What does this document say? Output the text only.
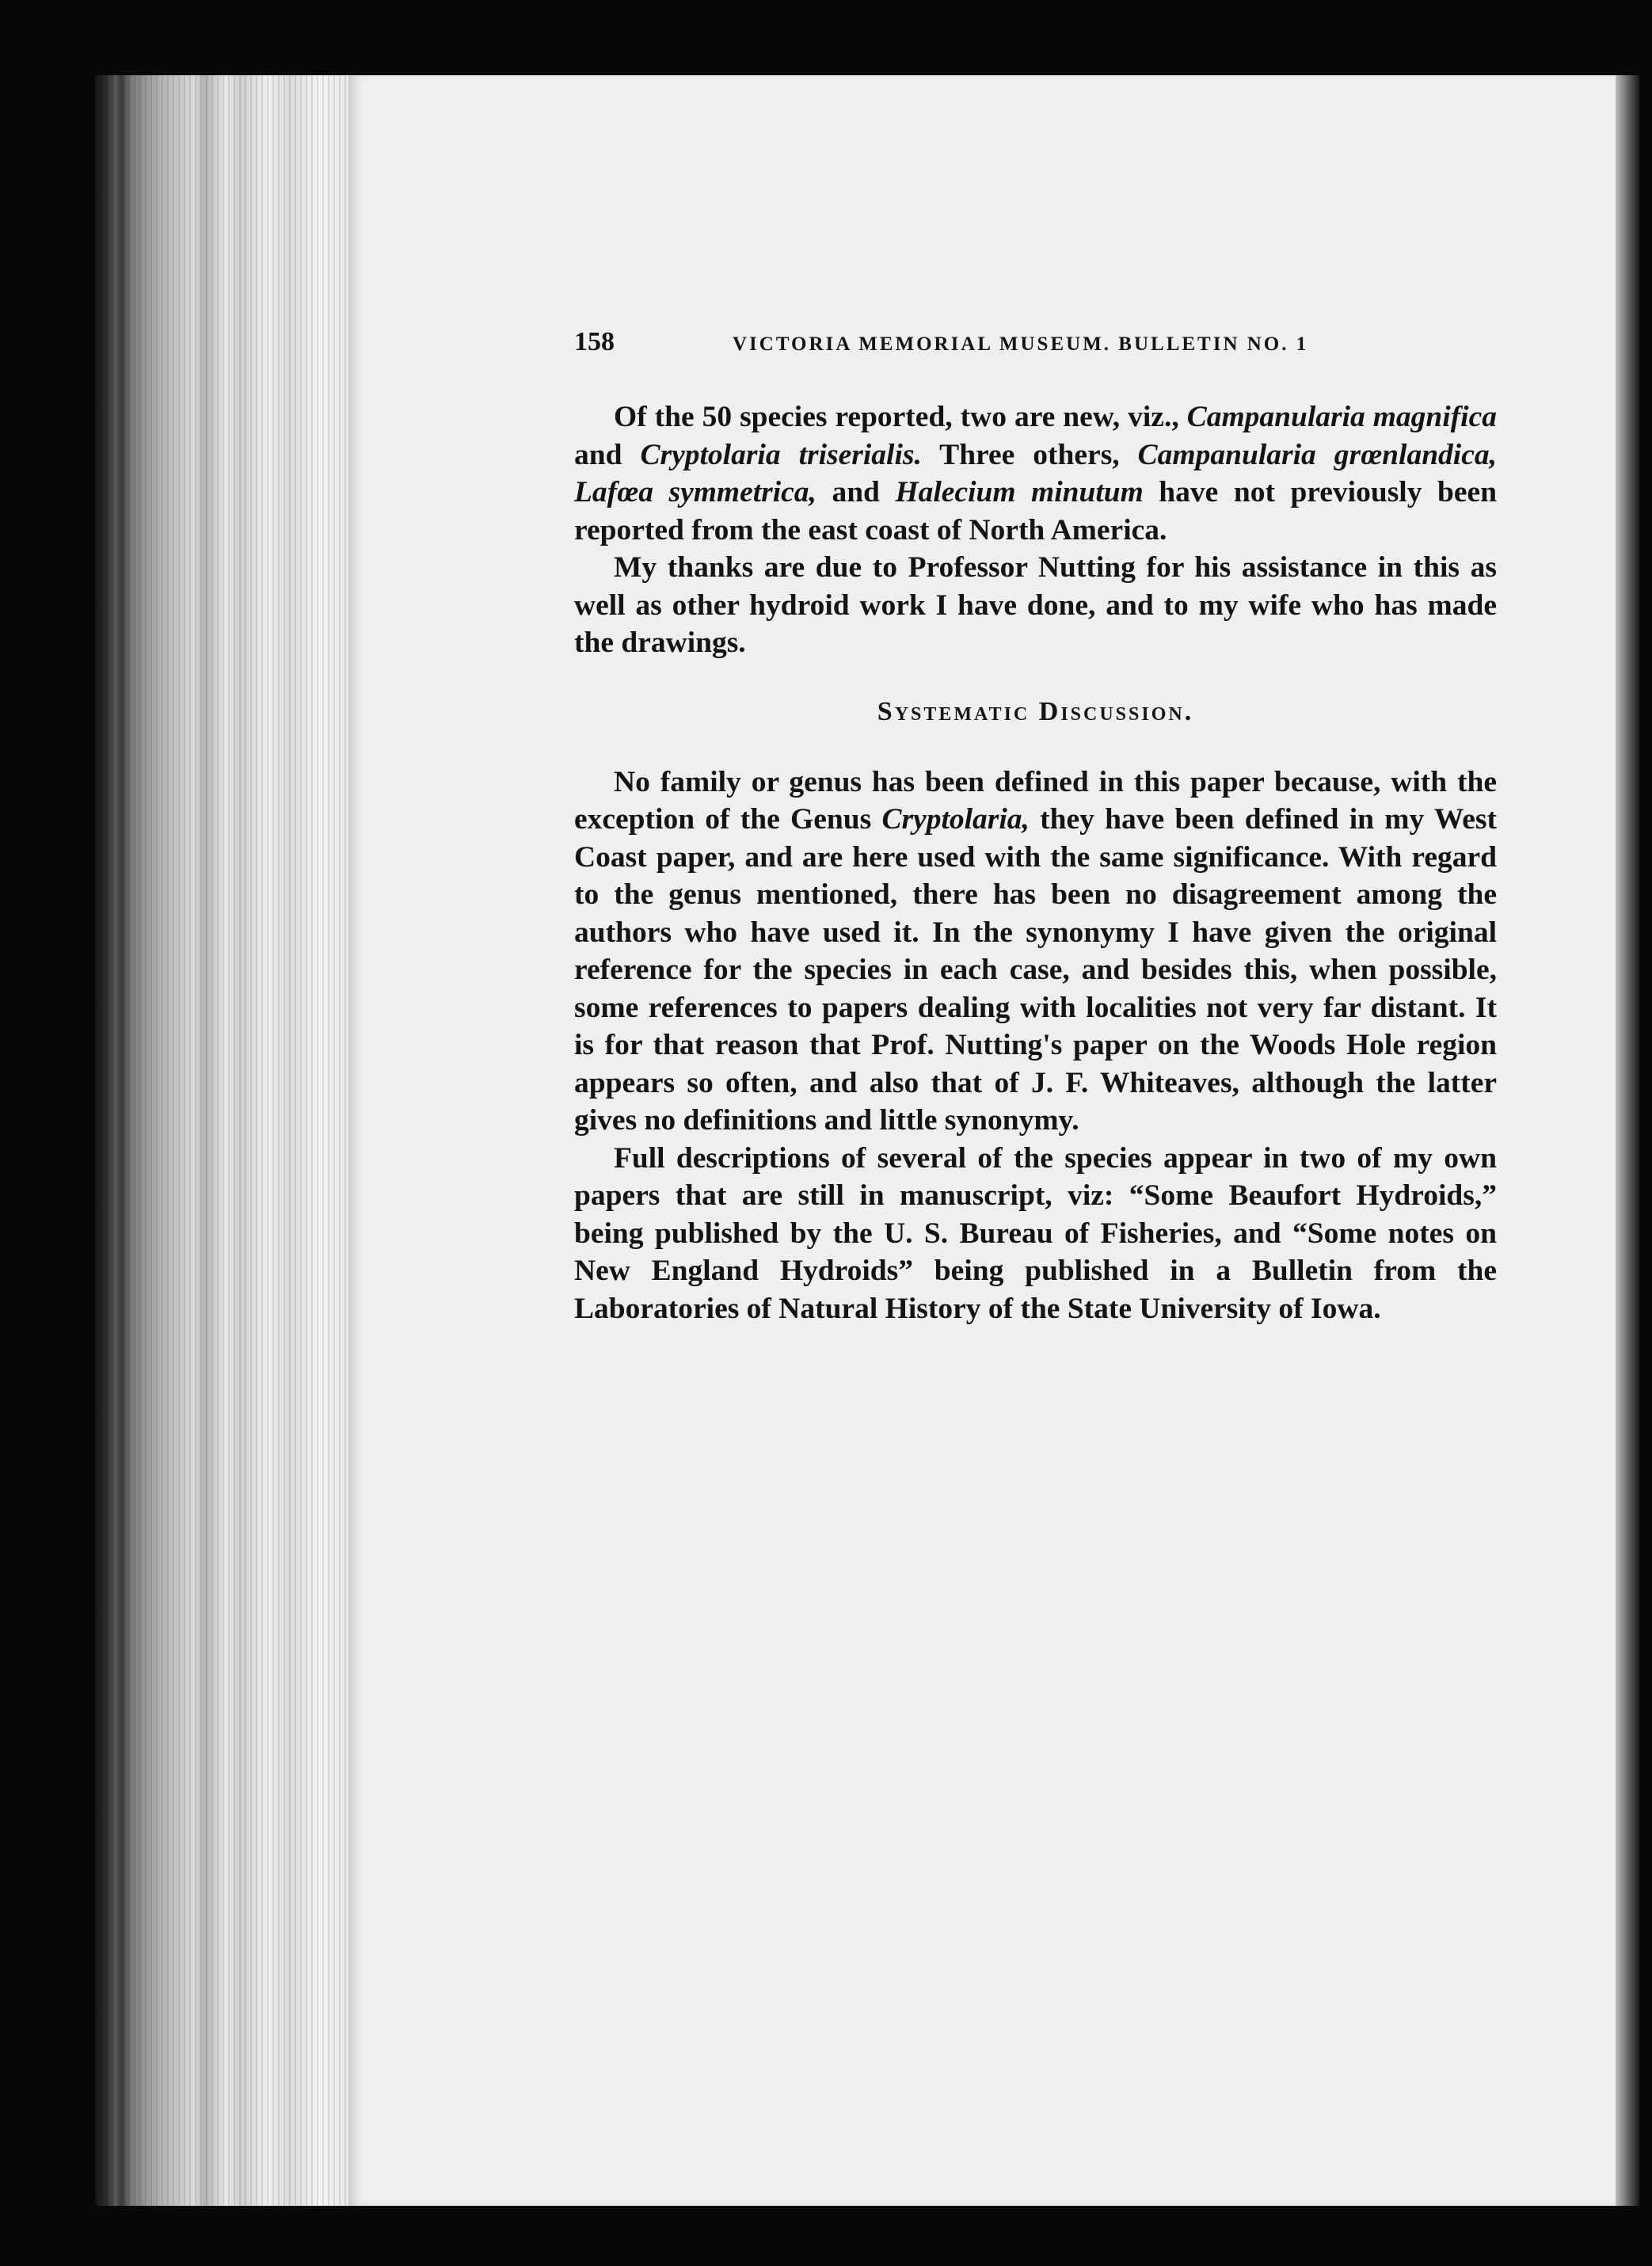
158	VICTORIA MEMORIAL MUSEUM. BULLETIN NO. 1

Of the 50 species reported, two are new, viz., Campanularia magnifica and Cryptolaria triserialis. Three others, Campanularia grœnlandica, Lafœa symmetrica, and Halecium minutum have not previously been reported from the east coast of North America.

My thanks are due to Professor Nutting for his assistance in this as well as other hydroid work I have done, and to my wife who has made the drawings.

Systematic Discussion.

No family or genus has been defined in this paper because, with the exception of the Genus Cryptolaria, they have been defined in my West Coast paper, and are here used with the same significance. With regard to the genus mentioned, there has been no disagreement among the authors who have used it. In the synonymy I have given the original reference for the species in each case, and besides this, when possible, some references to papers dealing with localities not very far distant. It is for that reason that Prof. Nutting's paper on the Woods Hole region appears so often, and also that of J. F. Whiteaves, although the latter gives no definitions and little synonymy.

Full descriptions of several of the species appear in two of my own papers that are still in manuscript, viz: “Some Beaufort Hydroids,” being published by the U. S. Bureau of Fisheries, and “Some notes on New England Hydroids” being published in a Bulletin from the Laboratories of Natural History of the State University of Iowa.
